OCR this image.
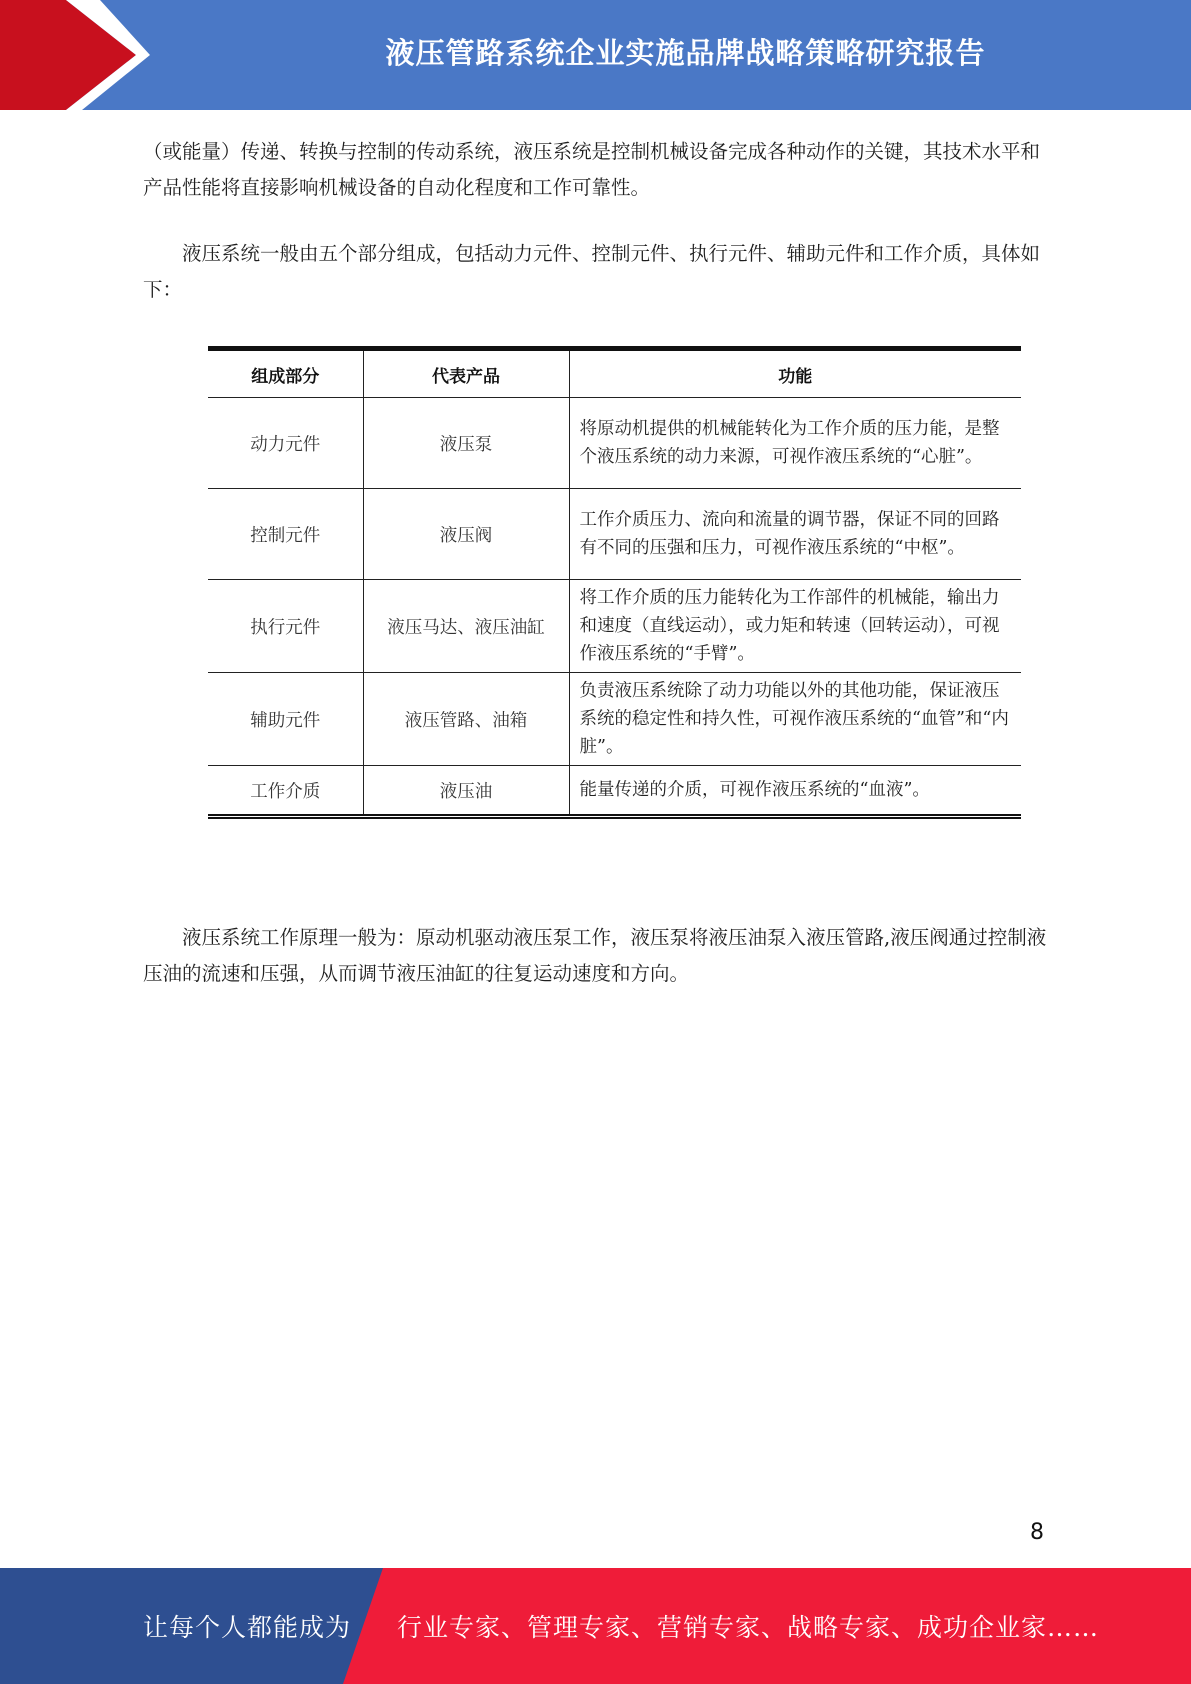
液压管路系统企业实施品牌战略策略研究报告

（或能量）传递、转换与控制的传动系统，液压系统是控制机械设备完成各种动作的关键，其技术水平和产品性能将直接影响机械设备的自动化程度和工作可靠性。

液压系统一般由五个部分组成，包括动力元件、控制元件、执行元件、辅助元件和工作介质，具体如下：

组成部分	代表产品	功能
动力元件	液压泵	将原动机提供的机械能转化为工作介质的压力能，是整个液压系统的动力来源，可视作液压系统的“心脏”。
控制元件	液压阀	工作介质压力、流向和流量的调节器，保证不同的回路有不同的压强和压力，可视作液压系统的“中枢”。
执行元件	液压马达、液压油缸	将工作介质的压力能转化为工作部件的机械能，输出力和速度（直线运动），或力矩和转速（回转运动），可视作液压系统的“手臂”。
辅助元件	液压管路、油箱	负责液压系统除了动力功能以外的其他功能，保证液压系统的稳定性和持久性，可视作液压系统的“血管”和“内脏”。
工作介质	液压油	能量传递的介质，可视作液压系统的“血液”。

液压系统工作原理一般为：原动机驱动液压泵工作，液压泵将液压油泵入液压管路,液压阀通过控制液压油的流速和压强，从而调节液压油缸的往复运动速度和方向。

8
让每个人都能成为 行业专家、管理专家、营销专家、战略专家、成功企业家……
